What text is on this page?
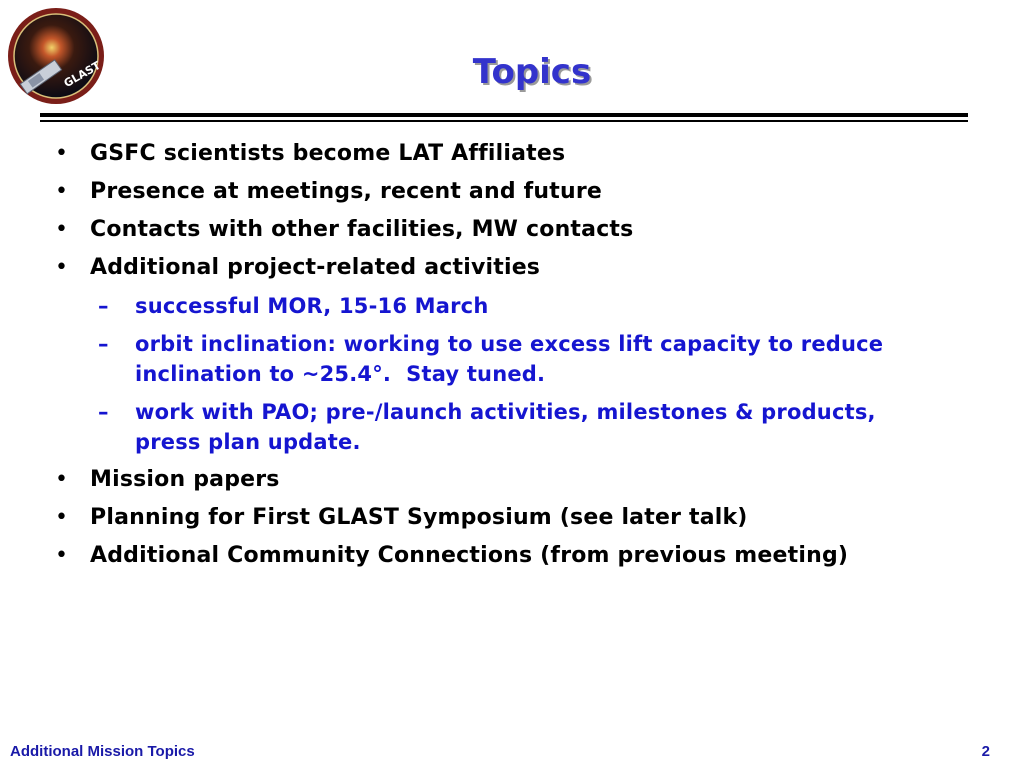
GLAST	Topics
• GSFC scientists become LAT Affiliates
• Presence at meetings, recent and future
• Contacts with other facilities, MW contacts
• Additional project-related activities
– successful MOR, 15-16 March
– orbit inclination: working to use excess lift capacity to reduce inclination to ~25.4°.  Stay tuned.
– work with PAO; pre-/launch activities, milestones & products, press plan update.
• Mission papers
• Planning for First GLAST Symposium (see later talk)
• Additional Community Connections (from previous meeting)
Additional Mission Topics	2
